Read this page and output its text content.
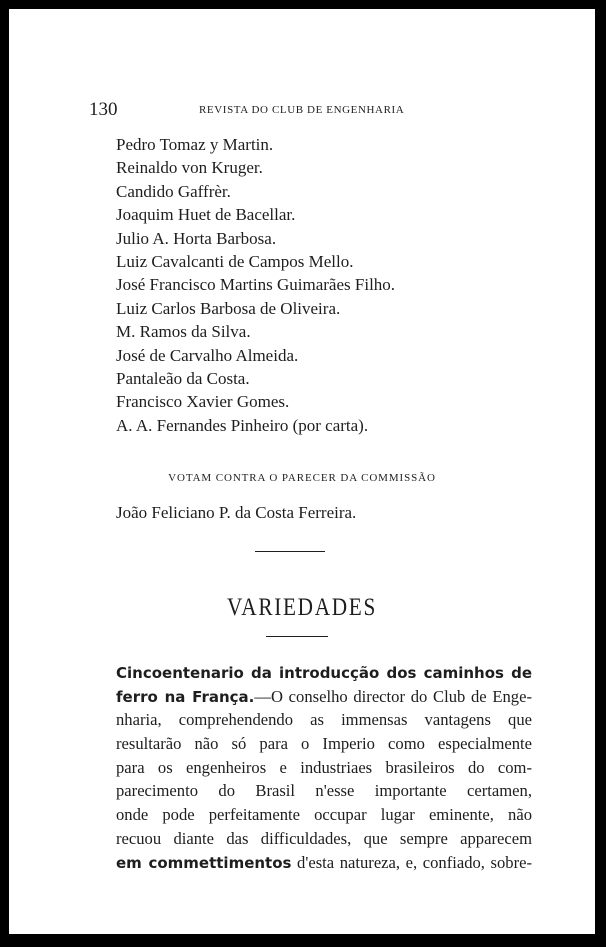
130	REVISTA DO CLUB DE ENGENHARIA
Pedro Tomaz y Martin.
Reinaldo von Kruger.
Candido Gaffrèr.
Joaquim Huet de Bacellar.
Julio A. Horta Barbosa.
Luiz Cavalcanti de Campos Mello.
José Francisco Martins Guimarães Filho.
Luiz Carlos Barbosa de Oliveira.
M. Ramos da Silva.
José de Carvalho Almeida.
Pantaleão da Costa.
Francisco Xavier Gomes.
A. A. Fernandes Pinheiro (por carta).
VOTAM CONTRA O PARECER DA COMMISSÃO
João Feliciano P. da Costa Ferreira.
VARIEDADES
Cincoentenario da introducção dos caminhos de
ferro na França.—O conselho director do Club de Enge-
nharia, comprehendendo as immensas vantagens que
resultarão não só para o Imperio como especialmente
para os engenheiros e industriaes brasileiros do com-
parecimento do Brasil n'esse importante certamen,
onde pode perfeitamente occupar lugar eminente, não
recuou diante das difficuldades, que sempre apparecem
em commettimentos d'esta natureza, e, confiado, sobre-
